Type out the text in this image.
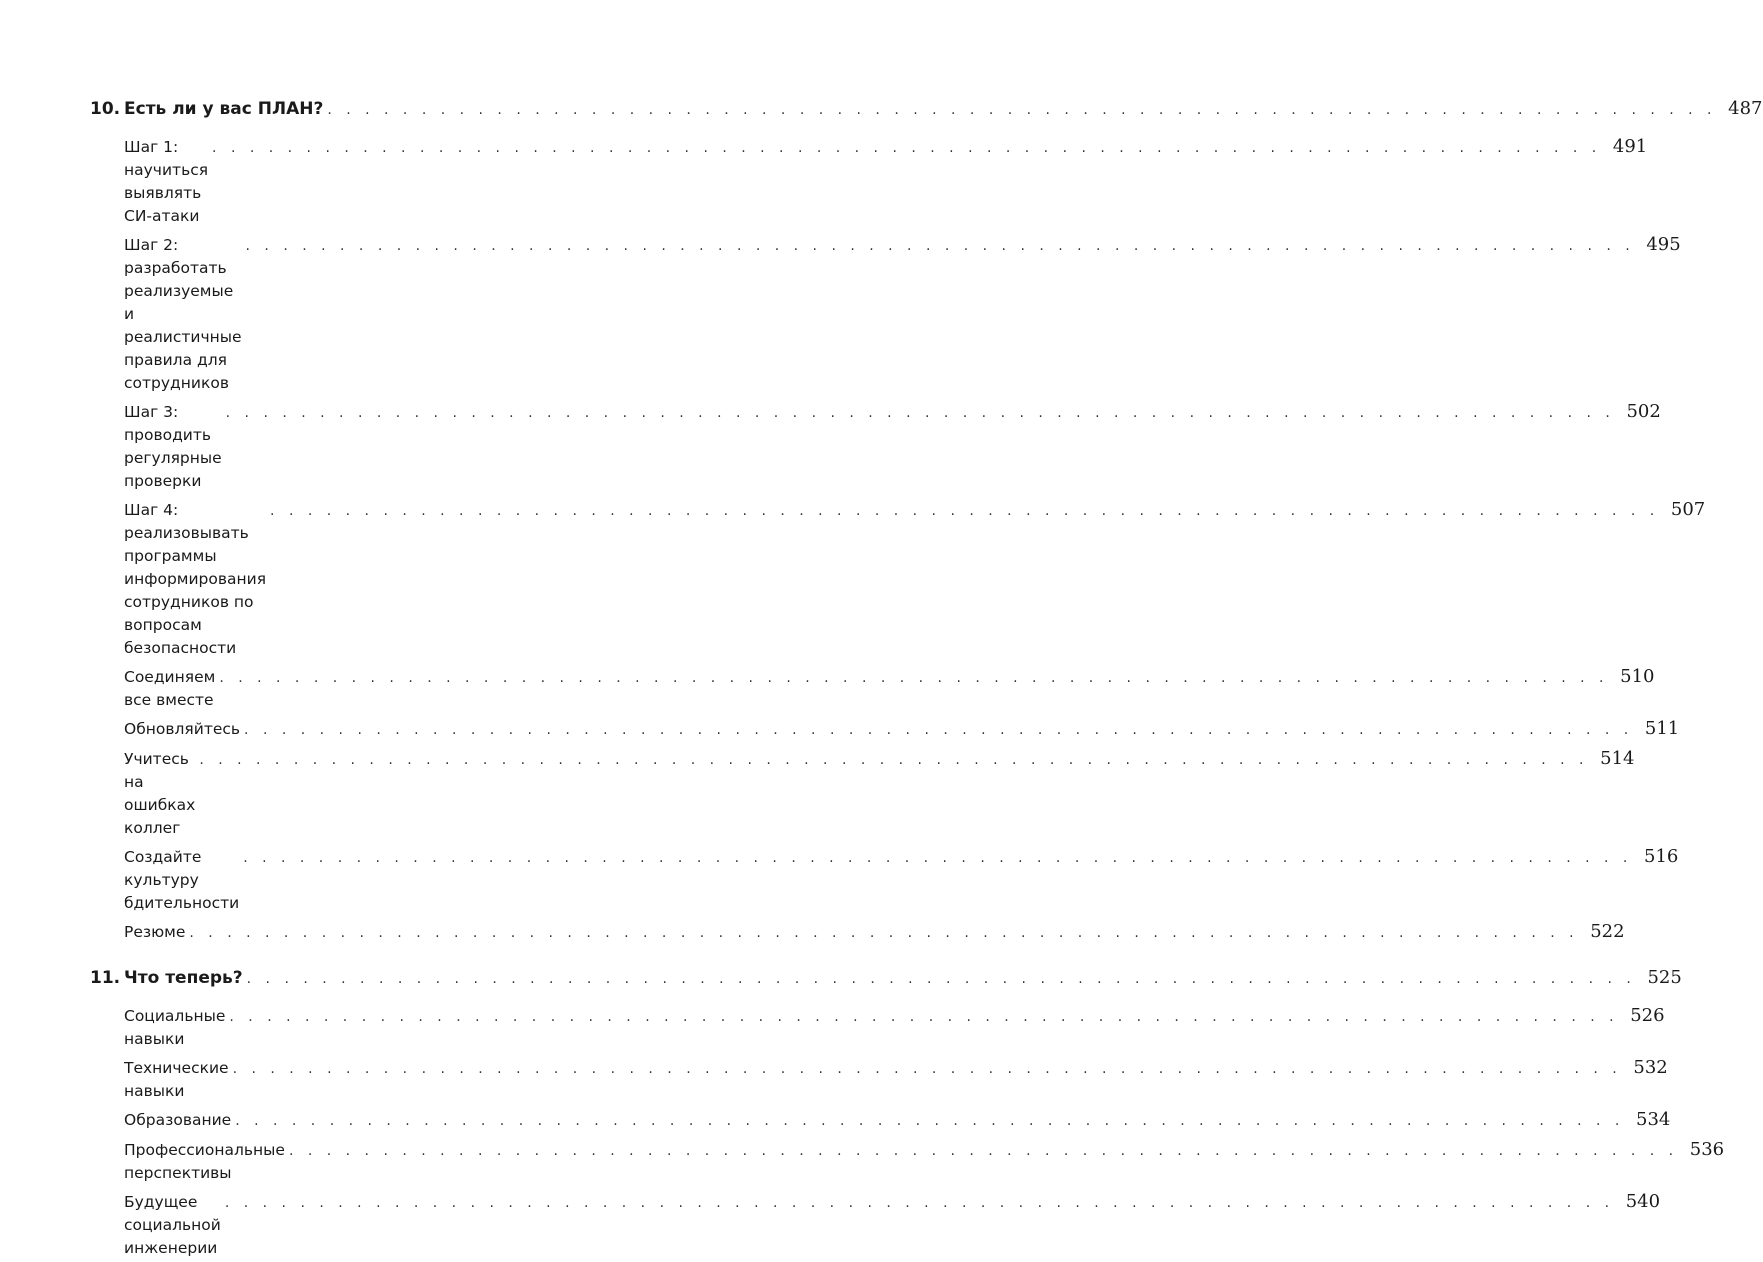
10. Есть ли у вас ПЛАН? . . . . . . . . . . . . . . . . . . . . . . . . . . . . . . . . . . . . . . . . . . . . . . . . . . . . . . . . . . . . . . . . . . . . . . . . . . 487
Шаг 1: научиться выявлять СИ-атаки
. . . . . . . . . . . . . . . . . . . . . . . . . . . . . . . . . . . . . . . . . . . . . . . . . . . . . . . . . . . . . . . . . . . . . . . . . . 491
Шаг 2: разработать реализуемые
и реалистичные правила для сотрудников
. . . . . . . . . . . . . . . . . . . . . . . . . . . . . . . . . . . . . . . . . . . . . . . . . . . . . . . . . . . . . . . . . . . . . . . . . . 495
Шаг 3: проводить регулярные проверки
. . . . . . . . . . . . . . . . . . . . . . . . . . . . . . . . . . . . . . . . . . . . . . . . . . . . . . . . . . . . . . . . . . . . . . . . . . 502
Шаг 4: реализовывать программы
информирования сотрудников по вопросам
безопасности
. . . . . . . . . . . . . . . . . . . . . . . . . . . . . . . . . . . . . . . . . . . . . . . . . . . . . . . . . . . . . . . . . . . . . . . . . . 507
Соединяем все вместе
. . . . . . . . . . . . . . . . . . . . . . . . . . . . . . . . . . . . . . . . . . . . . . . . . . . . . . . . . . . . . . . . . . . . . . . . . . 510
Обновляйтесь . . . . . . . . . . . . . . . . . . . . . . . . . . . . . . . . . . . . . . . . . . . . . . . . . . . . . . . . . . . . . . . . . . . . . . . . . . 511
Учитесь на ошибках коллег
. . . . . . . . . . . . . . . . . . . . . . . . . . . . . . . . . . . . . . . . . . . . . . . . . . . . . . . . . . . . . . . . . . . . . . . . . . 514
Создайте культуру бдительности
. . . . . . . . . . . . . . . . . . . . . . . . . . . . . . . . . . . . . . . . . . . . . . . . . . . . . . . . . . . . . . . . . . . . . . . . . . 516
Резюме . . . . . . . . . . . . . . . . . . . . . . . . . . . . . . . . . . . . . . . . . . . . . . . . . . . . . . . . . . . . . . . . . . . . . . . . . . 522
11. Что теперь? . . . . . . . . . . . . . . . . . . . . . . . . . . . . . . . . . . . . . . . . . . . . . . . . . . . . . . . . . . . . . . . . . . . . . . . . . . 525
Социальные навыки
. . . . . . . . . . . . . . . . . . . . . . . . . . . . . . . . . . . . . . . . . . . . . . . . . . . . . . . . . . . . . . . . . . . . . . . . . . 526
Технические навыки
. . . . . . . . . . . . . . . . . . . . . . . . . . . . . . . . . . . . . . . . . . . . . . . . . . . . . . . . . . . . . . . . . . . . . . . . . . 532
Образование . . . . . . . . . . . . . . . . . . . . . . . . . . . . . . . . . . . . . . . . . . . . . . . . . . . . . . . . . . . . . . . . . . . . . . . . . . 534
Профессиональные перспективы
. . . . . . . . . . . . . . . . . . . . . . . . . . . . . . . . . . . . . . . . . . . . . . . . . . . . . . . . . . . . . . . . . . . . . . . . . . 536
Будущее социальной инженерии
. . . . . . . . . . . . . . . . . . . . . . . . . . . . . . . . . . . . . . . . . . . . . . . . . . . . . . . . . . . . . . . . . . . . . . . . . . 540
